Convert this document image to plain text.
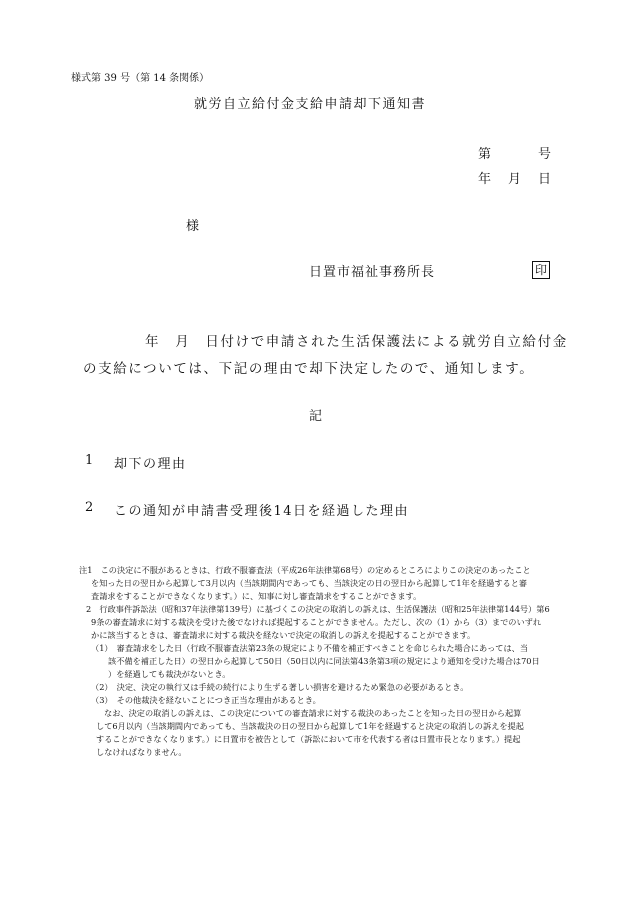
様式第 39 号（第 14 条関係）
就労自立給付金支給申請却下通知書
第	号
年 月 日
様
日置市福祉事務所長	印
年　月　日付けで申請された生活保護法による就労自立給付金
の支給については、下記の理由で却下決定したので、通知します。
記
1 却下の理由
2 この通知が申請書受理後14日を経過した理由
注1　この決定に不服があるときは、行政不服審査法（平成26年法律第68号）の定めるところによりこの決定のあったこと
を知った日の翌日から起算して3月以内（当該期間内であっても、当該決定の日の翌日から起算して1年を経過すると審
査請求をすることができなくなります。）に、知事に対し審査請求をすることができます。
2　行政事件訴訟法（昭和37年法律第139号）に基づくこの決定の取消しの訴えは、生活保護法（昭和25年法律第144号）第6
9条の審査請求に対する裁決を受けた後でなければ提起することができません。ただし、次の（1）から（3）までのいずれ
かに該当するときは、審査請求に対する裁決を経ないで決定の取消しの訴えを提起することができます。
（1）　審査請求をした日（行政不服審査法第23条の規定により不備を補正すべきことを命じられた場合にあっては、当
該不備を補正した日）の翌日から起算して50日（50日以内に同法第43条第3項の規定により通知を受けた場合は70日
）を経過しても裁決がないとき。
（2）　決定、決定の執行又は手続の続行により生ずる著しい損害を避けるため緊急の必要があるとき。
（3）　その他裁決を経ないことにつき正当な理由があるとき。
なお、決定の取消しの訴えは、この決定についての審査請求に対する裁決のあったことを知った日の翌日から起算
して6月以内（当該期間内であっても、当該裁決の日の翌日から起算して1年を経過すると決定の取消しの訴えを提起
することができなくなります。）に日置市を被告として（訴訟において市を代表する者は日置市長となります。）提起
しなければなりません。
